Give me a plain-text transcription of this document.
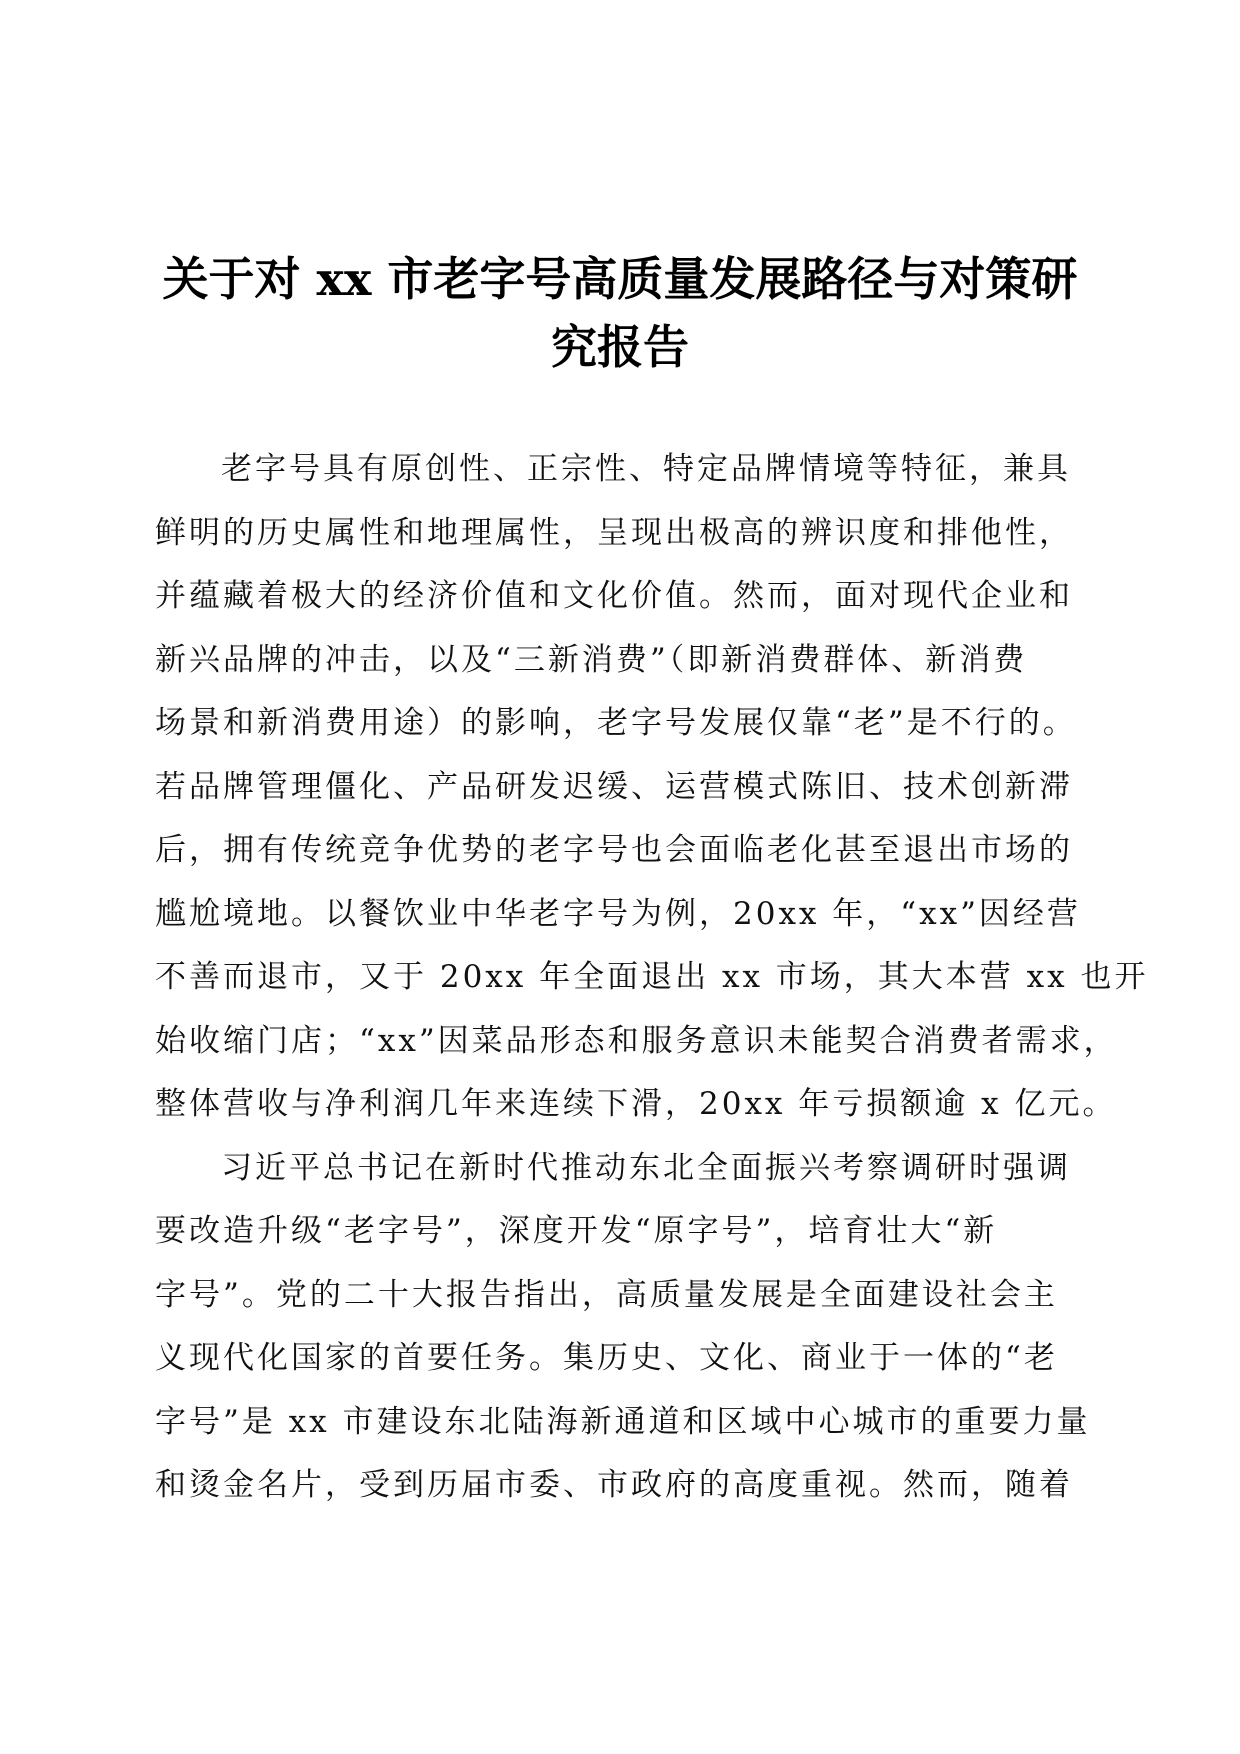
关于对 xx 市老字号高质量发展路径与对策研
究报告

老字号具有原创性、正宗性、特定品牌情境等特征，兼具
鲜明的历史属性和地理属性，呈现出极高的辨识度和排他性，
并蕴藏着极大的经济价值和文化价值。然而，面对现代企业和
新兴品牌的冲击，以及“三新消费”（即新消费群体、新消费
场景和新消费用途）的影响，老字号发展仅靠“老”是不行的。
若品牌管理僵化、产品研发迟缓、运营模式陈旧、技术创新滞
后，拥有传统竞争优势的老字号也会面临老化甚至退出市场的
尴尬境地。以餐饮业中华老字号为例，20xx 年，“xx”因经营
不善而退市，又于 20xx 年全面退出 xx 市场，其大本营 xx 也开
始收缩门店；“xx”因菜品形态和服务意识未能契合消费者需求，
整体营收与净利润几年来连续下滑，20xx 年亏损额逾 x 亿元。

习近平总书记在新时代推动东北全面振兴考察调研时强调
要改造升级“老字号”，深度开发“原字号”，培育壮大“新
字号”。党的二十大报告指出，高质量发展是全面建设社会主
义现代化国家的首要任务。集历史、文化、商业于一体的“老
字号”是 xx 市建设东北陆海新通道和区域中心城市的重要力量
和烫金名片，受到历届市委、市政府的高度重视。然而，随着
